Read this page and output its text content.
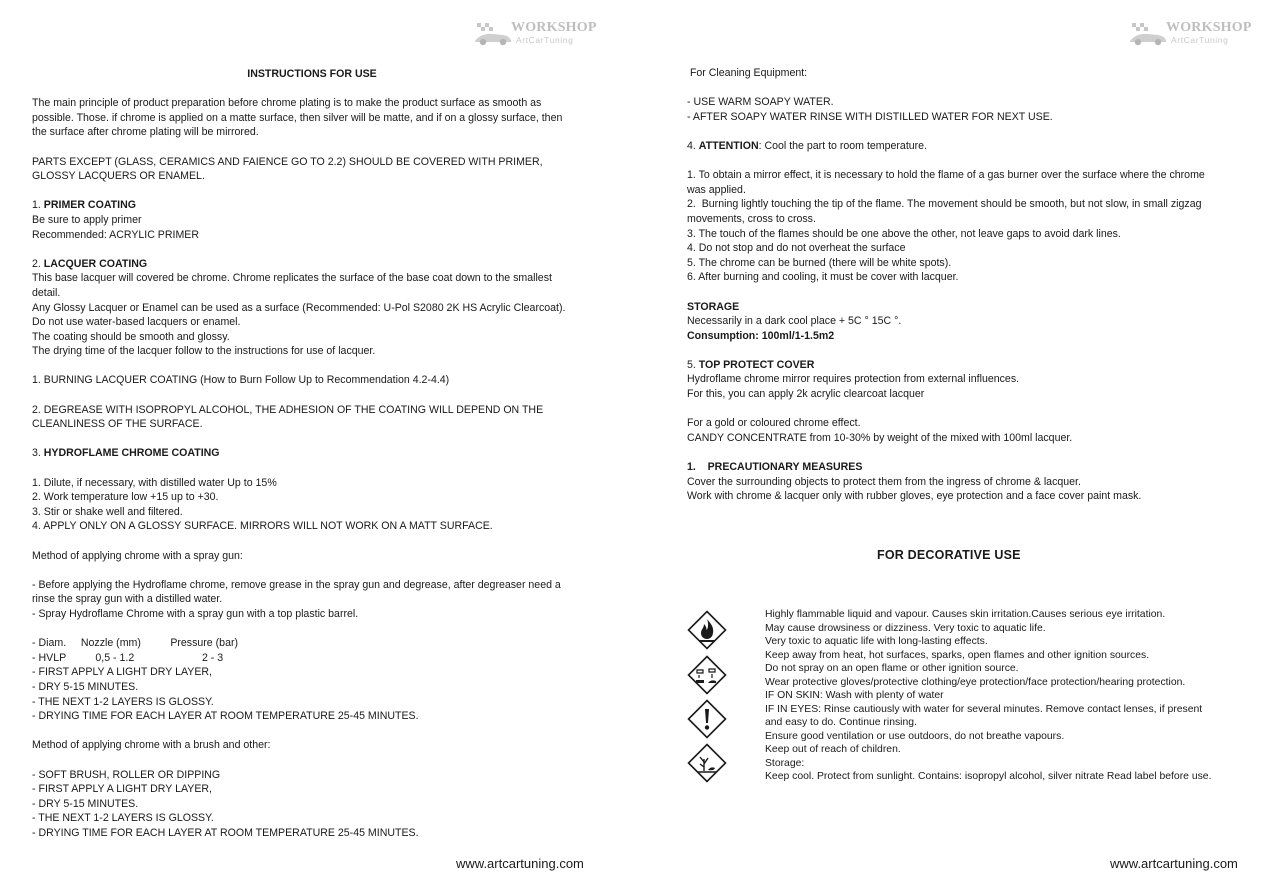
WORKSHOP
ArtCarTuning
INSTRUCTIONS FOR USE
The main principle of product preparation before chrome plating is to make the product surface as smooth as
possible. Those. if chrome is applied on a matte surface, then silver will be matte, and if on a glossy surface, then
the surface after chrome plating will be mirrored.
PARTS EXCEPT (GLASS, CERAMICS AND FAIENCE GO TO 2.2) SHOULD BE COVERED WITH PRIMER,
GLOSSY LACQUERS OR ENAMEL.
1. PRIMER COATING
Be sure to apply primer
Recommended: ACRYLIC PRIMER
2. LACQUER COATING
This base lacquer will covered be chrome. Chrome replicates the surface of the base coat down to the smallest
detail.
Any Glossy Lacquer or Enamel can be used as a surface (Recommended: U-Pol S2080 2K HS Acrylic Clearcoat).
Do not use water-based lacquers or enamel.
The coating should be smooth and glossy.
The drying time of the lacquer follow to the instructions for use of lacquer.
1. BURNING LACQUER COATING (How to Burn Follow Up to Recommendation 4.2-4.4)
2. DEGREASE WITH ISOPROPYL ALCOHOL, THE ADHESION OF THE COATING WILL DEPEND ON THE
CLEANLINESS OF THE SURFACE.
3. HYDROFLAME CHROME COATING
1. Dilute, if necessary, with distilled water Up to 15%
2. Work temperature low +15 up to +30.
3. Stir or shake well and filtered.
4. APPLY ONLY ON A GLOSSY SURFACE. MIRRORS WILL NOT WORK ON A MATT SURFACE.
Method of applying chrome with a spray gun:
- Before applying the Hydroflame chrome, remove grease in the spray gun and degrease, after degreaser need a
rinse the spray gun with a distilled water.
- Spray Hydroflame Chrome with a spray gun with a top plastic barrel.
- Diam.     Nozzle (mm)          Pressure (bar)
- HVLP          0,5 - 1.2                       2 - 3
- FIRST APPLY A LIGHT DRY LAYER,
- DRY 5-15 MINUTES.
- THE NEXT 1-2 LAYERS IS GLOSSY.
- DRYING TIME FOR EACH LAYER AT ROOM TEMPERATURE 25-45 MINUTES.
Method of applying chrome with a brush and other:
- SOFT BRUSH, ROLLER OR DIPPING
- FIRST APPLY A LIGHT DRY LAYER,
- DRY 5-15 MINUTES.
- THE NEXT 1-2 LAYERS IS GLOSSY.
- DRYING TIME FOR EACH LAYER AT ROOM TEMPERATURE 25-45 MINUTES.
www.artcartuning.com
WORKSHOP
ArtCarTuning
For Cleaning Equipment:
- USE WARM SOAPY WATER.
- AFTER SOAPY WATER RINSE WITH DISTILLED WATER FOR NEXT USE.
4. ATTENTION: Cool the part to room temperature.
1. To obtain a mirror effect, it is necessary to hold the flame of a gas burner over the surface where the chrome
was applied.
2.  Burning lightly touching the tip of the flame. The movement should be smooth, but not slow, in small zigzag
movements, cross to cross.
3. The touch of the flames should be one above the other, not leave gaps to avoid dark lines.
4. Do not stop and do not overheat the surface
5. The chrome can be burned (there will be white spots).
6. After burning and cooling, it must be cover with lacquer.
STORAGE
Necessarily in a dark cool place + 5C ° 15C °.
Consumption: 100ml/1-1.5m2
5. TOP PROTECT COVER
Hydroflame chrome mirror requires protection from external influences.
For this, you can apply 2k acrylic clearcoat lacquer
For a gold or coloured chrome effect.
CANDY CONCENTRATE from 10-30% by weight of the mixed with 100ml lacquer.
1.    PRECAUTIONARY MEASURES
Cover the surrounding objects to protect them from the ingress of chrome & lacquer.
Work with chrome & lacquer only with rubber gloves, eye protection and a face cover paint mask.
FOR DECORATIVE USE
Highly flammable liquid and vapour. Causes skin irritation.Causes serious eye irritation.
May cause drowsiness or dizziness. Very toxic to aquatic life.
Very toxic to aquatic life with long-lasting effects.
Keep away from heat, hot surfaces, sparks, open flames and other ignition sources.
Do not spray on an open flame or other ignition source.
Wear protective gloves/protective clothing/eye protection/face protection/hearing protection.
IF ON SKIN: Wash with plenty of water
IF IN EYES: Rinse cautiously with water for several minutes. Remove contact lenses, if present
and easy to do. Continue rinsing.
Ensure good ventilation or use outdoors, do not breathe vapours.
Keep out of reach of children.
Storage:
Keep cool. Protect from sunlight. Contains: isopropyl alcohol, silver nitrate Read label before use.
www.artcartuning.com
